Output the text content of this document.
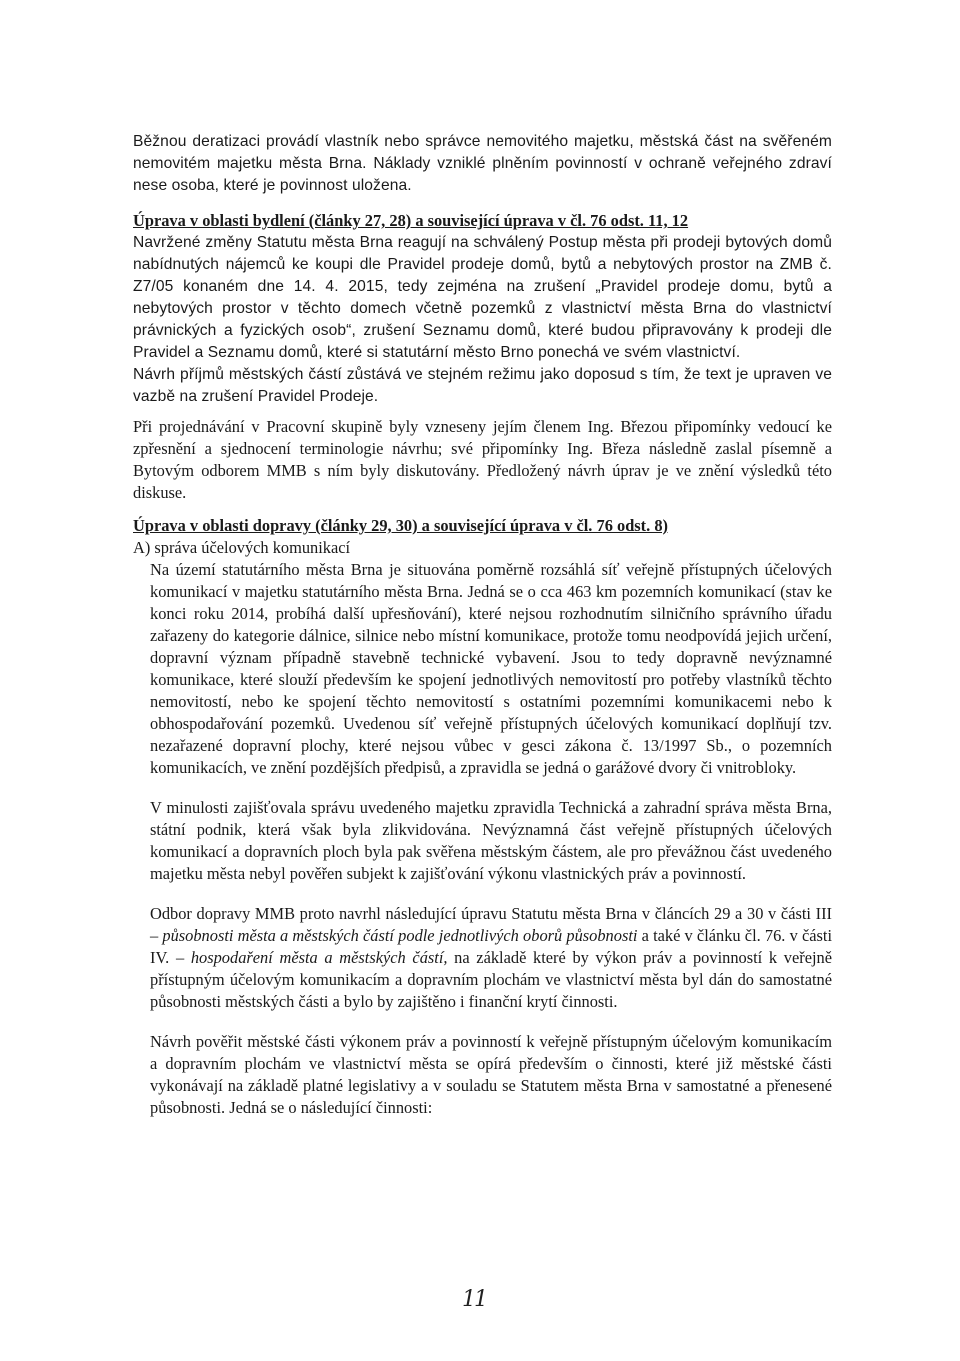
Běžnou deratizaci provádí vlastník nebo správce nemovitého majetku, městská část na svěřeném nemovitém majetku města Brna. Náklady vzniklé plněním povinností v ochraně veřejného zdraví nese osoba, které je povinnost uložena.

Úprava v oblasti bydlení (články 27, 28) a související úprava v čl. 76 odst. 11, 12

Navržené změny Statutu města Brna reagují na schválený Postup města při prodeji bytových domů nabídnutých nájemců ke koupi dle Pravidel prodeje domů, bytů a nebytových prostor na ZMB č. Z7/05 konaném dne 14. 4. 2015, tedy zejména na zrušení „Pravidel prodeje domu, bytů a nebytových prostor v těchto domech včetně pozemků z vlastnictví města Brna do vlastnictví právnických a fyzických osob“, zrušení Seznamu domů, které budou připravovány k prodeji dle Pravidel a Seznamu domů, které si statutární město Brno ponechá ve svém vlastnictví.

Návrh příjmů městských částí zůstává ve stejném režimu jako doposud s tím, že text je upraven ve vazbě na zrušení Pravidel Prodeje.

Při projednávání v Pracovní skupině byly vzneseny jejím členem Ing. Březou připomínky vedoucí ke zpřesnění a sjednocení terminologie návrhu; své připomínky Ing. Březa následně zaslal písemně a Bytovým odborem MMB s ním byly diskutovány. Předložený návrh úprav je ve znění výsledků této diskuse.

Úprava v oblasti dopravy (články 29, 30) a související úprava v čl. 76 odst. 8)

A) správa účelových komunikací

Na území statutárního města Brna je situována poměrně rozsáhlá síť veřejně přístupných účelových komunikací v majetku statutárního města Brna. Jedná se o cca 463 km pozemních komunikací (stav ke konci roku 2014, probíhá další upřesňování), které nejsou rozhodnutím silničního správního úřadu zařazeny do kategorie dálnice, silnice nebo místní komunikace, protože tomu neodpovídá jejich určení, dopravní význam případně stavebně technické vybavení. Jsou to tedy dopravně nevýznamné komunikace, které slouží především ke spojení jednotlivých nemovitostí pro potřeby vlastníků těchto nemovitostí, nebo ke spojení těchto nemovitostí s ostatními pozemními komunikacemi nebo k obhospodařování pozemků. Uvedenou síť veřejně přístupných účelových komunikací doplňují tzv. nezařazené dopravní plochy, které nejsou vůbec v gesci zákona č. 13/1997 Sb., o pozemních komunikacích, ve znění pozdějších předpisů, a zpravidla se jedná o garážové dvory či vnitrobloky.

V minulosti zajišťovala správu uvedeného majetku zpravidla Technická a zahradní správa města Brna, státní podnik, která však byla zlikvidována. Nevýznamná část veřejně přístupných účelových komunikací a dopravních ploch byla pak svěřena městským částem, ale pro převážnou část uvedeného majetku města nebyl pověřen subjekt k zajišťování výkonu vlastnických práv a povinností.

Odbor dopravy MMB proto navrhl následující úpravu Statutu města Brna v článcích 29 a 30 v části III – působnosti města a městských částí podle jednotlivých oborů působnosti a také v článku čl. 76. v části IV. – hospodaření města a městských částí, na základě které by výkon práv a povinností k veřejně přístupným účelovým komunikacím a dopravním plochám ve vlastnictví města byl dán do samostatné působnosti městských části a bylo by zajištěno i finanční krytí činnosti.

Návrh pověřit městské části výkonem práv a povinností k veřejně přístupným účelovým komunikacím a dopravním plochám ve vlastnictví města se opírá především o činnosti, které již městské části vykonávají na základě platné legislativy a v souladu se Statutem města Brna v samostatné a přenesené působnosti. Jedná se o následující činnosti:

11
